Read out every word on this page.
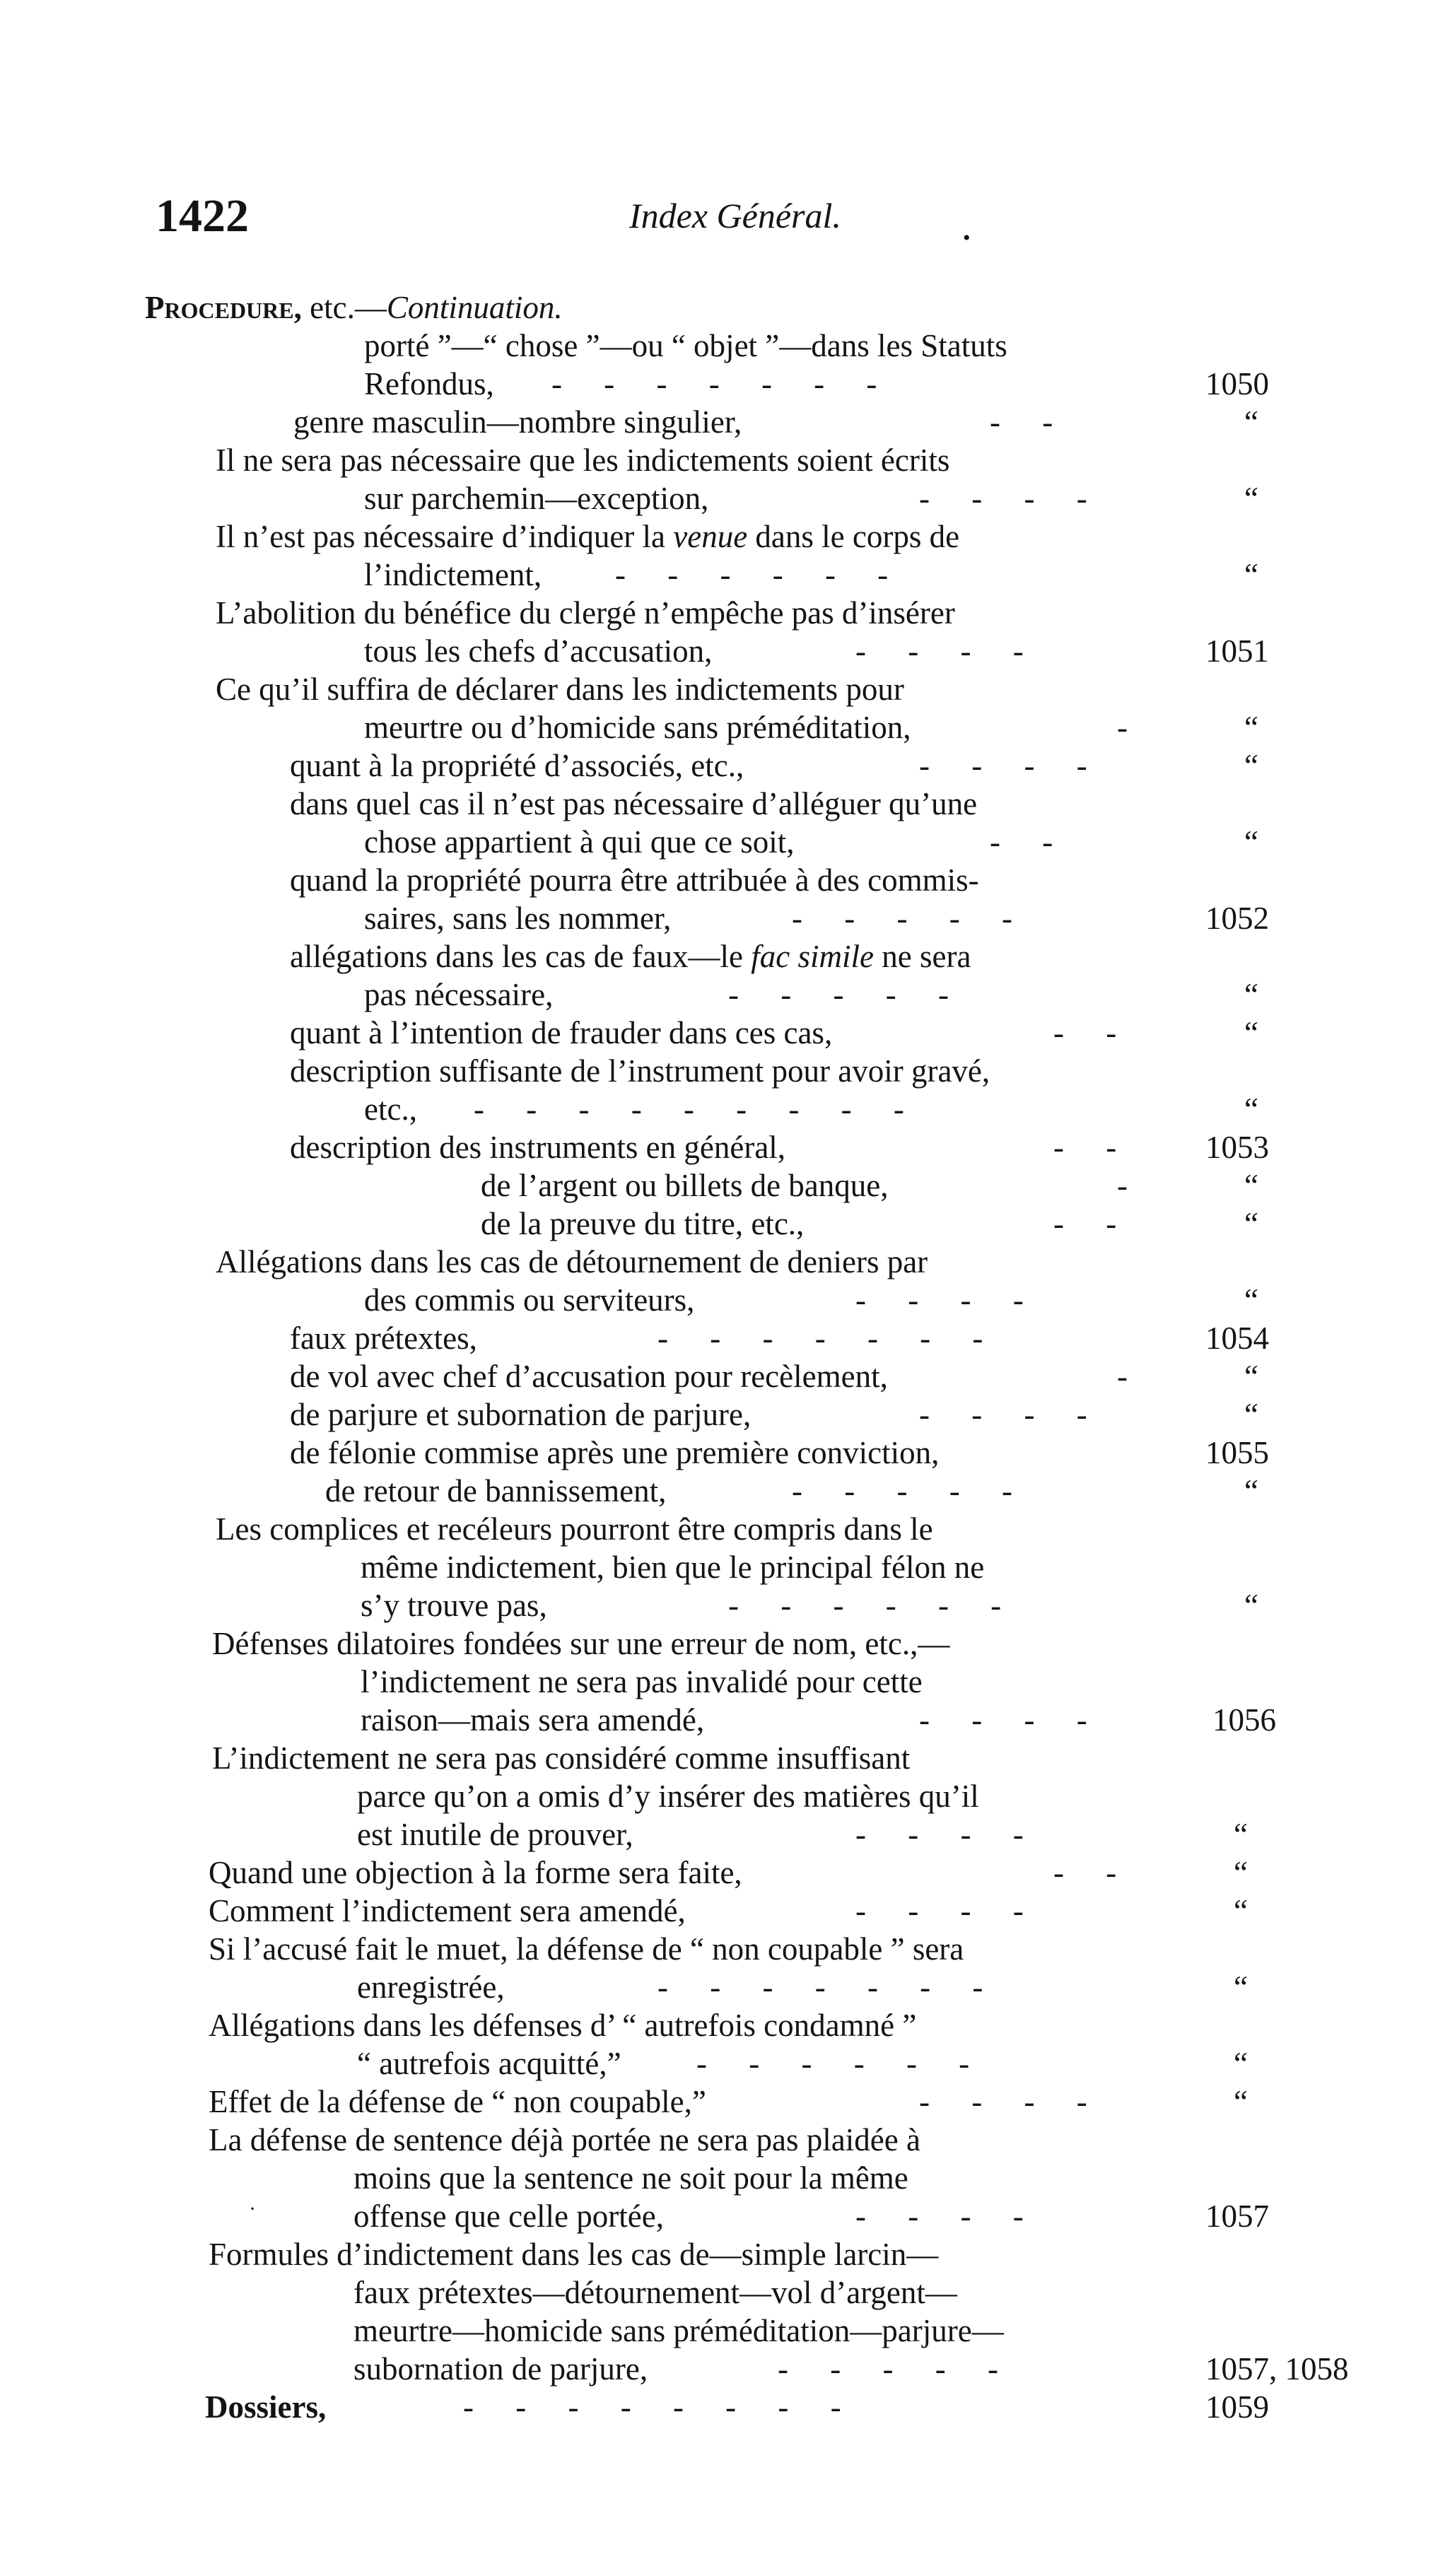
1422	Index Général.
•
Procedure, etc.—Continuation.
porté ”—“ chose ”—ou “ objet ”—dans les Statuts
Refondus, - - - - - - -	1050
genre masculin—nombre singulier,	- -	“
Il ne sera pas nécessaire que les indictements soient écrits
sur parchemin—exception,	- - - -	“
Il n’est pas nécessaire d’indiquer la venue dans le corps de
l’indictement, - - - - - -	“
L’abolition du bénéfice du clergé n’empêche pas d’insérer
tous les chefs d’accusation,	- - - -	1051
Ce qu’il suffira de déclarer dans les indictements pour
meurtre ou d’homicide sans préméditation,	-	“
quant à la propriété d’associés, etc.,	- - - -	“
dans quel cas il n’est pas nécessaire d’alléguer qu’une
chose appartient à qui que ce soit,	- -	“
quand la propriété pourra être attribuée à des commis-
saires, sans les nommer,	- - - - -	1052
allégations dans les cas de faux—le fac simile ne sera
pas nécessaire,	- - - - -	“
quant à l’intention de frauder dans ces cas,	- -	“
description suffisante de l’instrument pour avoir gravé,
etc., - - - - - - - - -	“
description des instruments en général,	- -	1053
de l’argent ou billets de banque,	-	“
de la preuve du titre, etc.,	- -	“
Allégations dans les cas de détournement de deniers par
des commis ou serviteurs,	- - - -	“
faux prétextes,	- - - - - - -	1054
de vol avec chef d’accusation pour recèlement,	-	“
de parjure et subornation de parjure,	- - - -	“
de félonie commise après une première conviction,	1055
de retour de bannissement,	- - - - -	“
Les complices et recéleurs pourront être compris dans le
même indictement, bien que le principal félon ne
s’y trouve pas,	- - - - - -	“
Défenses dilatoires fondées sur une erreur de nom, etc.,—
l’indictement ne sera pas invalidé pour cette
raison—mais sera amendé,	- - - -	1056
L’indictement ne sera pas considéré comme insuffisant
parce qu’on a omis d’y insérer des matières qu’il
est inutile de prouver,	- - - -	“
Quand une objection à la forme sera faite,	- -	“
Comment l’indictement sera amendé,	- - - -	“
Si l’accusé fait le muet, la défense de “ non coupable ” sera
enregistrée,	- - - - - - -	“
Allégations dans les défenses d’ “ autrefois condamné ”
“ autrefois acquitté,” - - - - - -	“
Effet de la défense de “ non coupable,”	- - - -	“
La défense de sentence déjà portée ne sera pas plaidée à
moins que la sentence ne soit pour la même
offense que celle portée,	- - - -	1057
Formules d’indictement dans les cas de—simple larcin—
faux prétextes—détournement—vol d’argent—
meurtre—homicide sans préméditation—parjure—
subornation de parjure,	- - - - -	1057, 1058
Dossiers,	- - - - - - - -	1059
·
